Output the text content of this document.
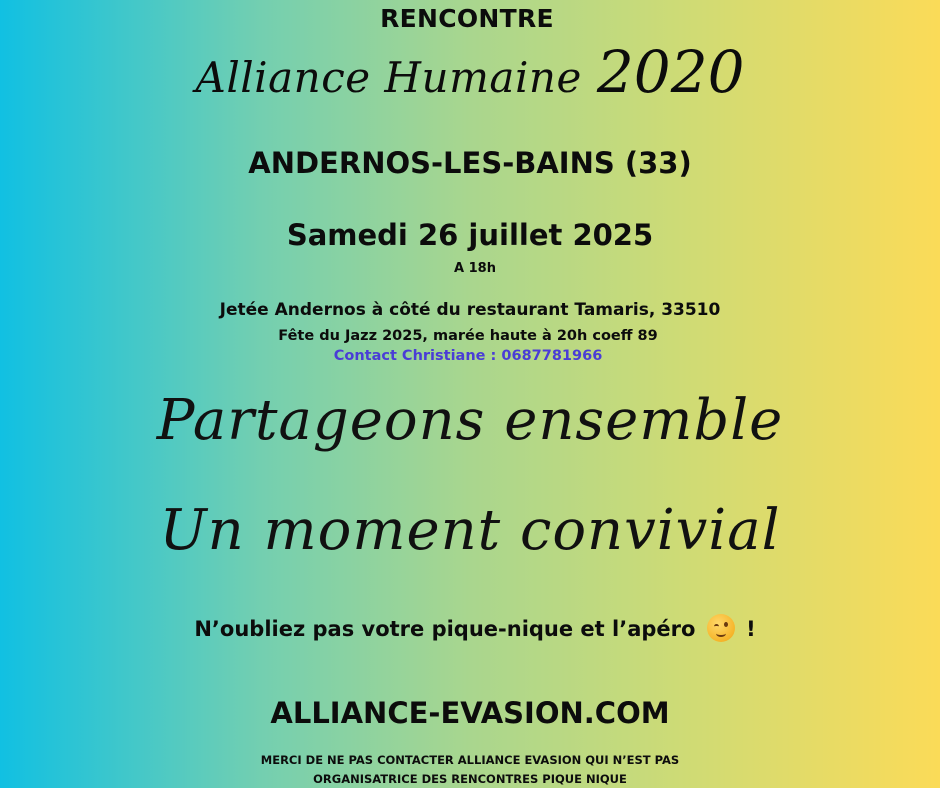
RENCONTRE
Alliance Humaine 2020
ANDERNOS-LES-BAINS (33)
Samedi 26 juillet 2025
A 18h
Jetée Andernos à côté du restaurant Tamaris, 33510
Fête du Jazz 2025, marée haute à 20h coeff 89
Contact Christiane : 0687781966
Partageons ensemble
Un moment convivial
N’oubliez pas votre pique-nique et l’apéro !
ALLIANCE-EVASION.COM
MERCI DE NE PAS CONTACTER ALLIANCE EVASION QUI N’EST PAS
ORGANISATRICE DES RENCONTRES PIQUE NIQUE
